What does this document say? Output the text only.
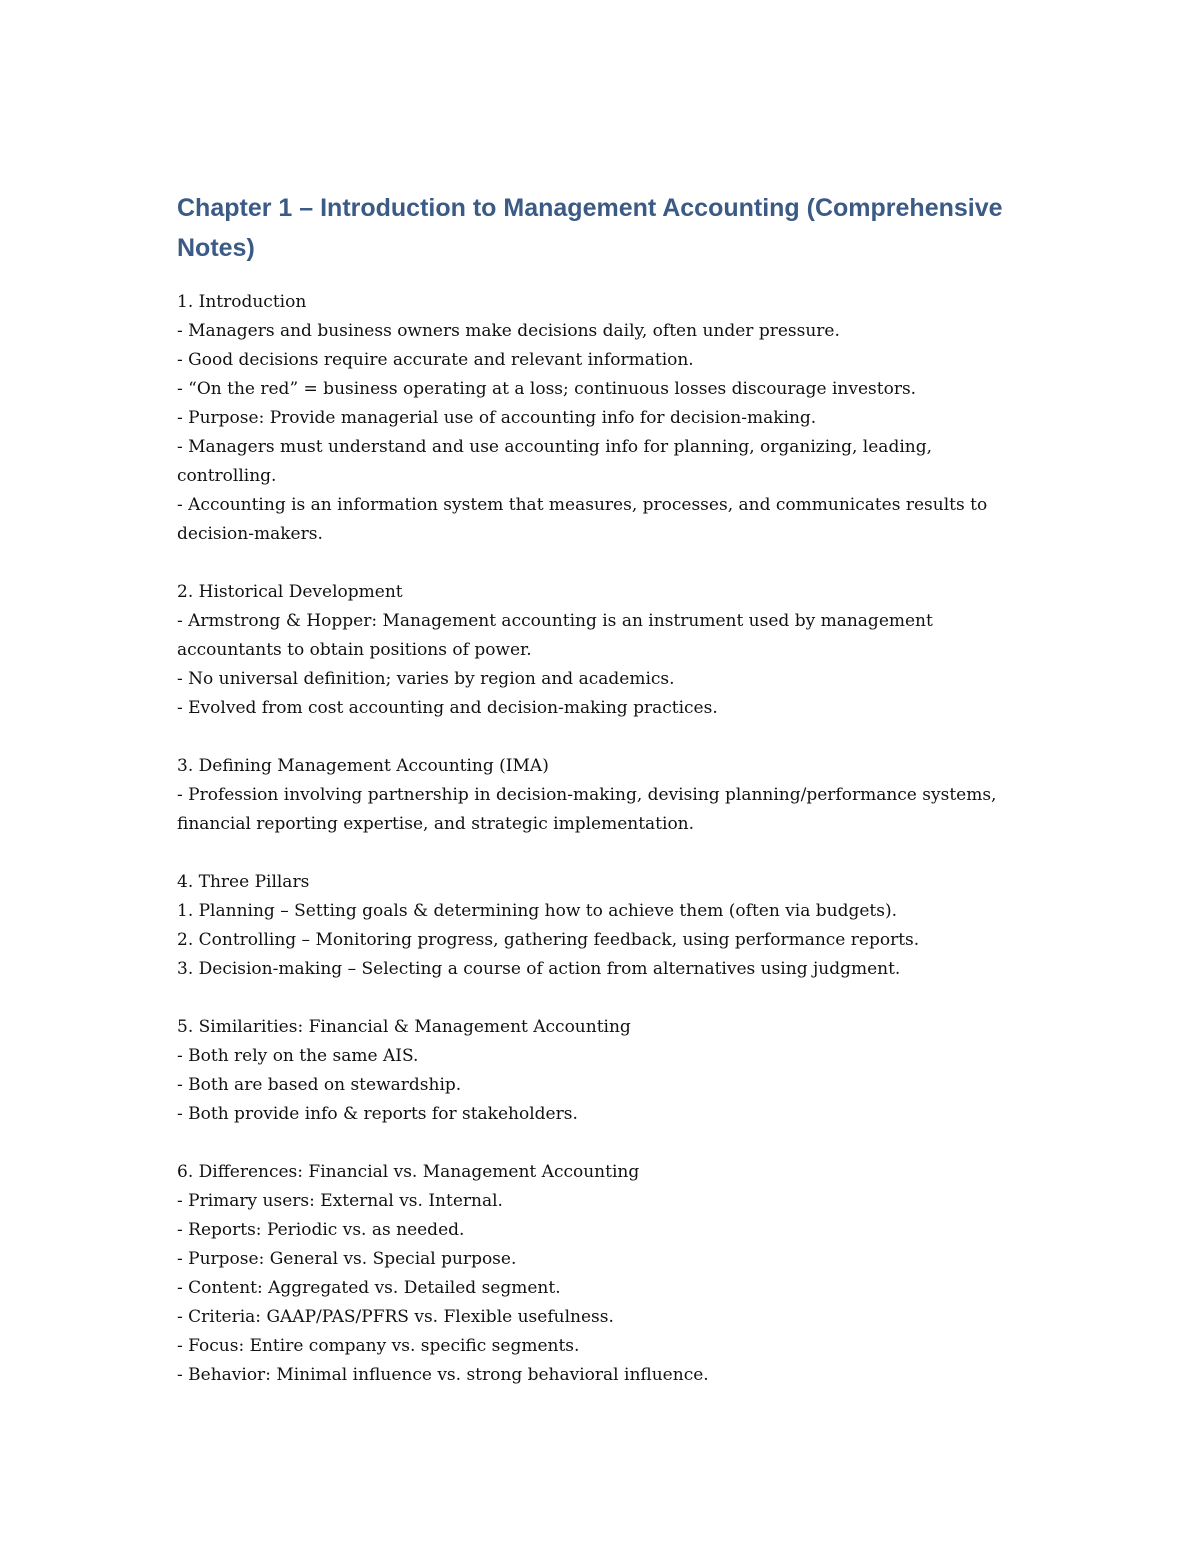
Chapter 1 – Introduction to Management Accounting (Comprehensive Notes)
1. Introduction
- Managers and business owners make decisions daily, often under pressure.
- Good decisions require accurate and relevant information.
- “On the red” = business operating at a loss; continuous losses discourage investors.
- Purpose: Provide managerial use of accounting info for decision-making.
- Managers must understand and use accounting info for planning, organizing, leading, controlling.
- Accounting is an information system that measures, processes, and communicates results to decision-makers.
2. Historical Development
- Armstrong & Hopper: Management accounting is an instrument used by management accountants to obtain positions of power.
- No universal definition; varies by region and academics.
- Evolved from cost accounting and decision-making practices.
3. Defining Management Accounting (IMA)
- Profession involving partnership in decision-making, devising planning/performance systems, financial reporting expertise, and strategic implementation.
4. Three Pillars
1. Planning – Setting goals & determining how to achieve them (often via budgets).
2. Controlling – Monitoring progress, gathering feedback, using performance reports.
3. Decision-making – Selecting a course of action from alternatives using judgment.
5. Similarities: Financial & Management Accounting
- Both rely on the same AIS.
- Both are based on stewardship.
- Both provide info & reports for stakeholders.
6. Differences: Financial vs. Management Accounting
- Primary users: External vs. Internal.
- Reports: Periodic vs. as needed.
- Purpose: General vs. Special purpose.
- Content: Aggregated vs. Detailed segment.
- Criteria: GAAP/PAS/PFRS vs. Flexible usefulness.
- Focus: Entire company vs. specific segments.
- Behavior: Minimal influence vs. strong behavioral influence.
